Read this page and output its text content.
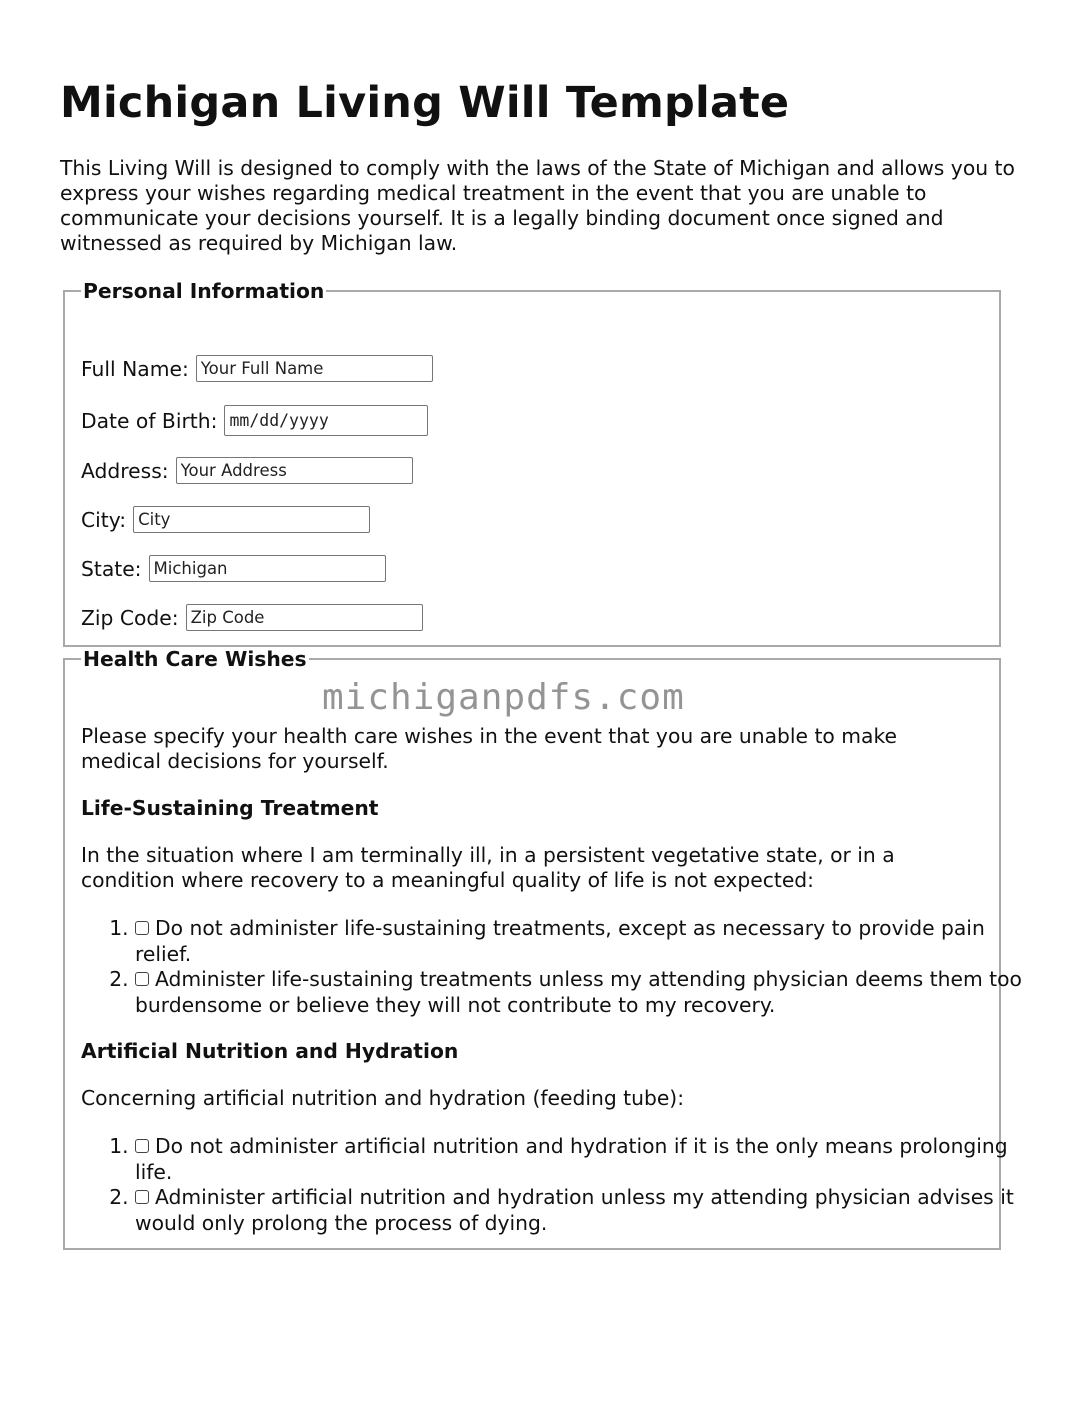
Michigan Living Will Template

This Living Will is designed to comply with the laws of the State of Michigan and allows you to express your wishes regarding medical treatment in the event that you are unable to communicate your decisions yourself. It is a legally binding document once signed and witnessed as required by Michigan law.

Personal Information
Full Name:
Your Full Name
Date of Birth:
mm/dd/yyyy
Address:
Your Address
City:
City
State:
Michigan
Zip Code:
Zip Code
Health Care Wishes

Please specify your health care wishes in the event that you are unable to make medical decisions for yourself.

Life-Sustaining Treatment

In the situation where I am terminally ill, in a persistent vegetative state, or in a condition where recovery to a meaningful quality of life is not expected:

1. Do not administer life-sustaining treatments, except as necessary to provide pain relief.
2. Administer life-sustaining treatments unless my attending physician deems them too burdensome or believe they will not contribute to my recovery.
Artificial Nutrition and Hydration

Concerning artificial nutrition and hydration (feeding tube):

1. Do not administer artificial nutrition and hydration if it is the only means prolonging life.
2. Administer artificial nutrition and hydration unless my attending physician advises it would only prolong the process of dying.
michiganpdfs.com
